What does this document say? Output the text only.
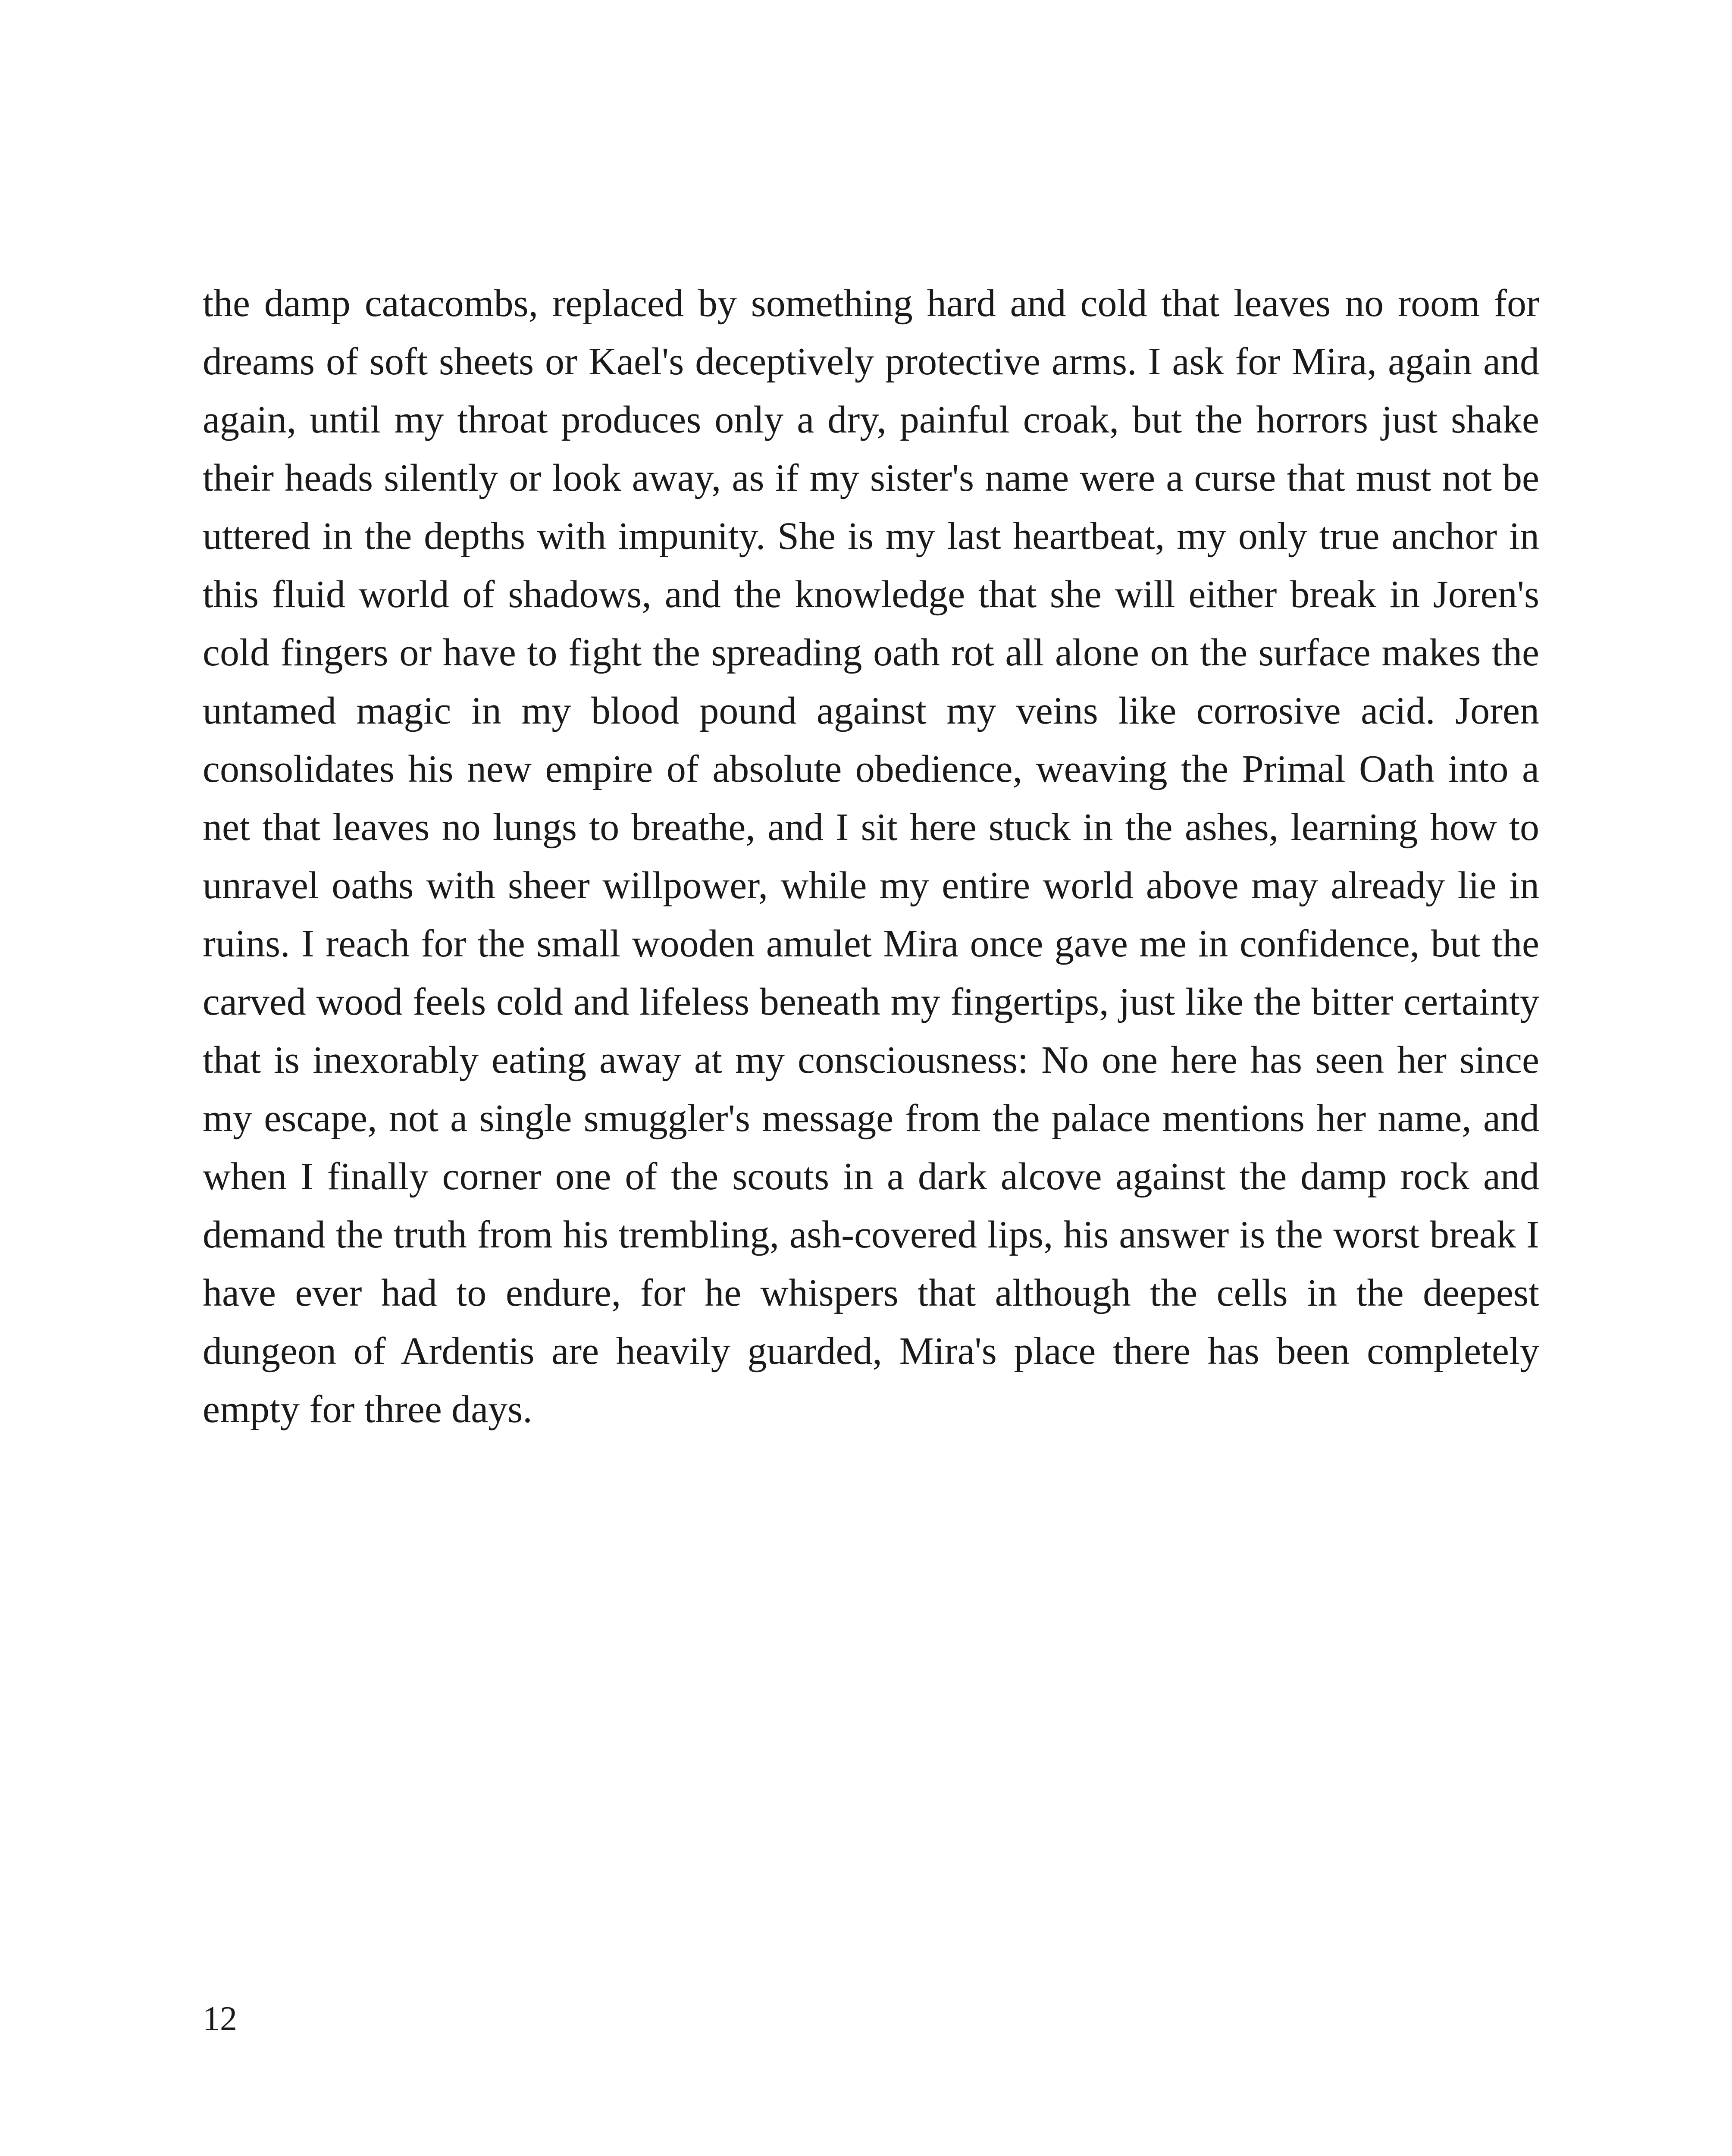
the damp catacombs, replaced by something hard and cold that leaves no room for dreams of soft sheets or Kael's deceptively protective arms. I ask for Mira, again and again, until my throat produces only a dry, painful croak, but the horrors just shake their heads silently or look away, as if my sister's name were a curse that must not be uttered in the depths with impunity. She is my last heartbeat, my only true anchor in this fluid world of shadows, and the knowledge that she will either break in Joren's cold fingers or have to fight the spreading oath rot all alone on the surface makes the untamed magic in my blood pound against my veins like corrosive acid. Joren consolidates his new empire of absolute obedience, weaving the Primal Oath into a net that leaves no lungs to breathe, and I sit here stuck in the ashes, learning how to unravel oaths with sheer willpower, while my entire world above may already lie in ruins. I reach for the small wooden amulet Mira once gave me in confidence, but the carved wood feels cold and lifeless beneath my fingertips, just like the bitter certainty that is inexorably eating away at my consciousness: No one here has seen her since my escape, not a single smuggler's message from the palace mentions her name, and when I finally corner one of the scouts in a dark alcove against the damp rock and demand the truth from his trembling, ash-covered lips, his answer is the worst break I have ever had to endure, for he whispers that although the cells in the deepest dungeon of Ardentis are heavily guarded, Mira's place there has been completely empty for three days.

12
